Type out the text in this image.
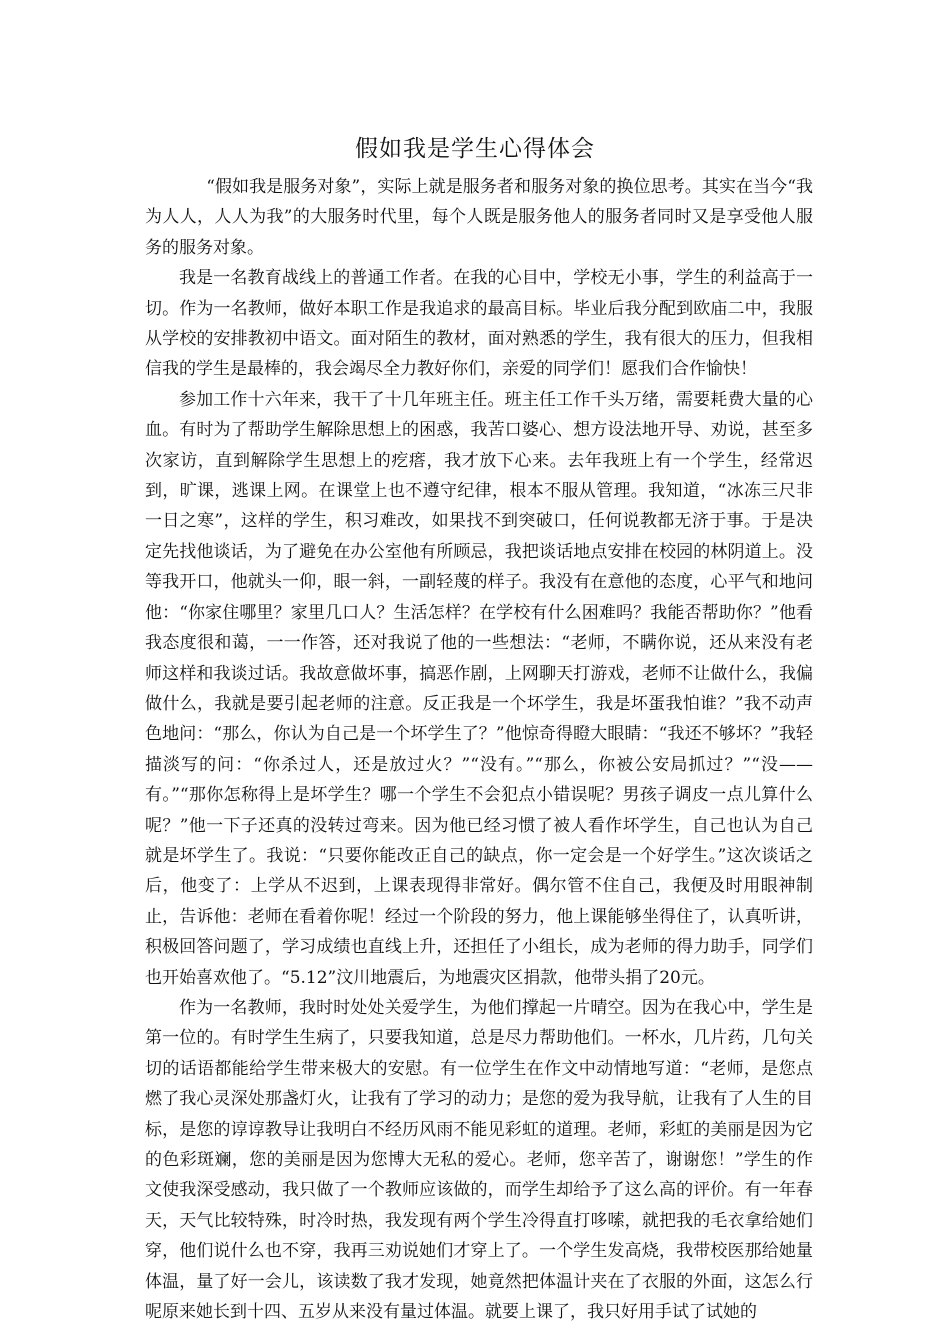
假如我是学生心得体会

“假如我是服务对象”，实际上就是服务者和服务对象的换位思考。其实在当今“我为人人，人人为我”的大服务时代里，每个人既是服务他人的服务者同时又是享受他人服务的服务对象。

我是一名教育战线上的普通工作者。在我的心目中，学校无小事，学生的利益高于一切。作为一名教师，做好本职工作是我追求的最高目标。毕业后我分配到欧庙二中，我服从学校的安排教初中语文。面对陌生的教材，面对熟悉的学生，我有很大的压力，但我相信我的学生是最棒的，我会竭尽全力教好你们，亲爱的同学们！愿我们合作愉快！

参加工作十六年来，我干了十几年班主任。班主任工作千头万绪，需要耗费大量的心血。有时为了帮助学生解除思想上的困惑，我苦口婆心、想方设法地开导、劝说，甚至多次家访，直到解除学生思想上的疙瘩，我才放下心来。去年我班上有一个学生，经常迟到，旷课，逃课上网。在课堂上也不遵守纪律，根本不服从管理。我知道，“冰冻三尺非一日之寒”，这样的学生，积习难改，如果找不到突破口，任何说教都无济于事。于是决定先找他谈话，为了避免在办公室他有所顾忌，我把谈话地点安排在校园的林阴道上。没等我开口，他就头一仰，眼一斜，一副轻蔑的样子。我没有在意他的态度，心平气和地问他：“你家住哪里？家里几口人？生活怎样？在学校有什么困难吗？我能否帮助你？”他看我态度很和蔼，一一作答，还对我说了他的一些想法：“老师，不瞒你说，还从来没有老师这样和我谈过话。我故意做坏事，搞恶作剧，上网聊天打游戏，老师不让做什么，我偏做什么，我就是要引起老师的注意。反正我是一个坏学生，我是坏蛋我怕谁？”我不动声色地问：“那么，你认为自己是一个坏学生了？”他惊奇得瞪大眼睛：“我还不够坏？”我轻描淡写的问：“你杀过人，还是放过火？”“没有。”“那么，你被公安局抓过？”“没——有。”“那你怎称得上是坏学生？哪一个学生不会犯点小错误呢？男孩子调皮一点儿算什么呢？”他一下子还真的没转过弯来。因为他已经习惯了被人看作坏学生，自己也认为自己就是坏学生了。我说：“只要你能改正自己的缺点，你一定会是一个好学生。”这次谈话之后，他变了：上学从不迟到，上课表现得非常好。偶尔管不住自己，我便及时用眼神制止，告诉他：老师在看着你呢！经过一个阶段的努力，他上课能够坐得住了，认真听讲，积极回答问题了，学习成绩也直线上升，还担任了小组长，成为老师的得力助手，同学们也开始喜欢他了。“5.12”汶川地震后，为地震灾区捐款，他带头捐了20元。

作为一名教师，我时时处处关爱学生，为他们撑起一片晴空。因为在我心中，学生是第一位的。有时学生生病了，只要我知道，总是尽力帮助他们。一杯水，几片药，几句关切的话语都能给学生带来极大的安慰。有一位学生在作文中动情地写道：“老师，是您点燃了我心灵深处那盏灯火，让我有了学习的动力；是您的爱为我导航，让我有了人生的目标，是您的谆谆教导让我明白不经历风雨不能见彩虹的道理。老师，彩虹的美丽是因为它的色彩斑斓，您的美丽是因为您博大无私的爱心。老师，您辛苦了，谢谢您！”学生的作文使我深受感动，我只做了一个教师应该做的，而学生却给予了这么高的评价。有一年春天，天气比较特殊，时冷时热，我发现有两个学生冷得直打哆嗦，就把我的毛衣拿给她们穿，他们说什么也不穿，我再三劝说她们才穿上了。一个学生发高烧，我带校医那给她量体温，量了好一会儿，该读数了我才发现，她竟然把体温计夹在了衣服的外面，这怎么行呢原来她长到十四、五岁从来没有量过体温。就要上课了，我只好用手试了试她的
